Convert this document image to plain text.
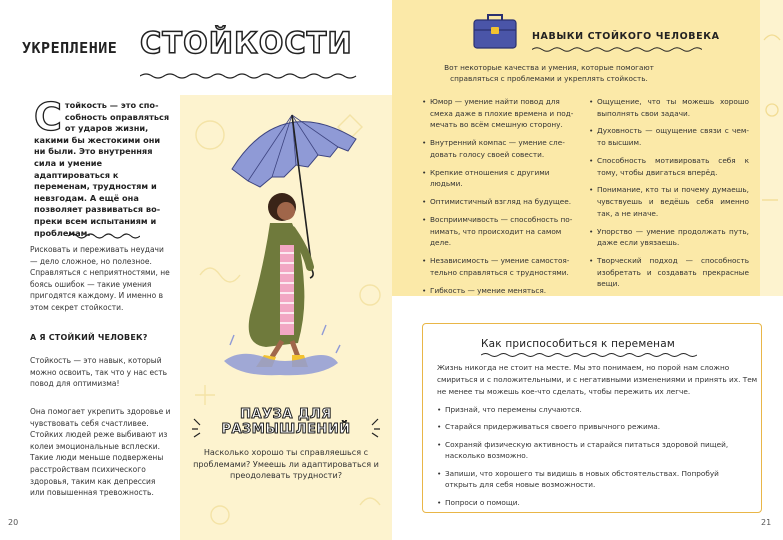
УКРЕПЛЕНИЕ СТОЙКОСТИ
Стойкость — это способность оправляться от ударов жизни, какими бы жестокими они ни были. Это внутренняя сила и умение адаптироваться к переменам, трудностям и невзгодам. А ещё она позволяет развиваться вопреки всем испытаниям и проблемам.
Рисковать и переживать неудачи — дело сложное, но полезное. Справляться с неприятностями, не боясь ошибок — такие умения пригодятся каждому. И именно в этом секрет стойкости.
А Я СТОЙКИЙ ЧЕЛОВЕК?
Стойкость — это навык, который можно освоить, так что у нас есть повод для оптимизма!
Она помогает укрепить здоровье и чувствовать себя счастливее. Стойких людей реже выбивают из колеи эмоциональные всплески. Такие люди меньше подвержены расстройствам психического здоровья, таким как депрессия или повышенная тревожность.
20
ПАУЗА ДЛЯ
РАЗМЫШЛЕНИЙ
Насколько хорошо ты справляешься с проблемами? Умеешь ли адаптироваться и преодолевать трудности?
НАВЫКИ СТОЙКОГО ЧЕЛОВЕКА
Вот некоторые качества и умения, которые помогают справляться с проблемами и укреплять стойкость.
• Юмор — умение найти повод для смеха даже в плохие времена и подмечать во всём смешную сторону.
• Внутренний компас — умение следовать голосу своей совести.
• Крепкие отношения с другими людьми.
• Оптимистичный взгляд на будущее.
• Восприимчивость — способность понимать, что происходит на самом деле.
• Независимость — умение самостоятельно справляться с трудностями.
• Гибкость — умение меняться.
•
• Ощущение, что ты можешь хорошо выполнять свои задачи.
• Духовность — ощущение связи с чем-то высшим.
• Способность мотивировать себя к тому, чтобы двигаться вперёд.
• Понимание, кто ты и почему думаешь, чувствуешь и ведёшь себя именно так, а не иначе.
• Упорство — умение продолжать путь, даже если увязаешь.
• Творческий подход — способность изобретать и создавать прекрасные вещи.
Как приспособиться к переменам
Жизнь никогда не стоит на месте. Мы это понимаем, но порой нам сложно смириться и с положительными, и с негативными изменениями и принять их. Тем не менее ты можешь кое-что сделать, чтобы пережить их легче.
• Признай, что перемены случаются.
• Старайся придерживаться своего привычного режима.
• Сохраняй физическую активность и старайся питаться здоровой пищей, насколько возможно.
• Запиши, что хорошего ты видишь в новых обстоятельствах. Попробуй открыть для себя новые возможности.
• Попроси о помощи.
21
